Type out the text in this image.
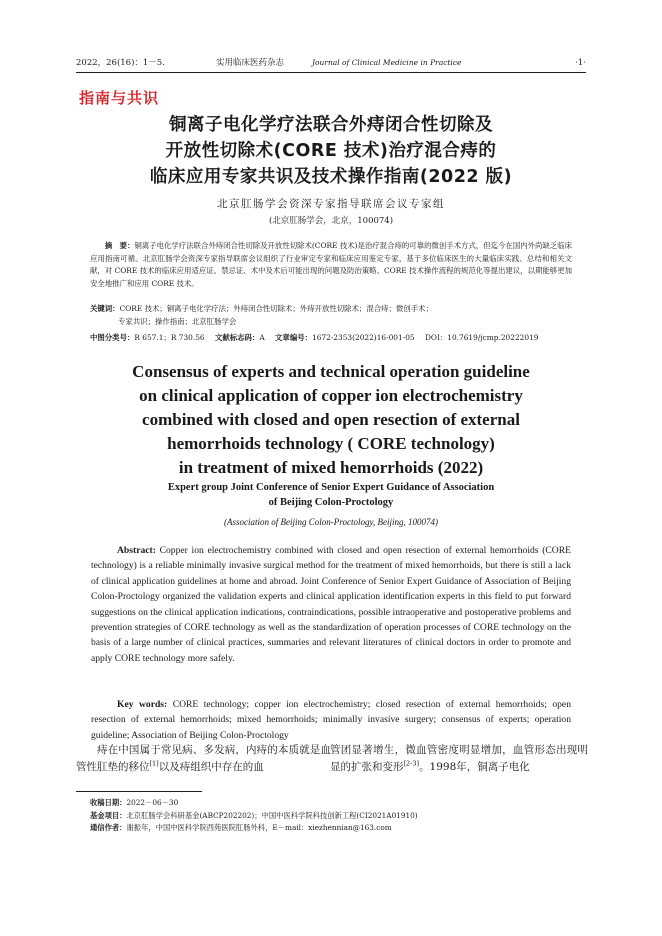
2022，26(16)：1－5.	实用临床医药杂志	Journal of Clinical Medicine in Practice	·1·
指南与共识
铜离子电化学疗法联合外痔闭合性切除及
开放性切除术(CORE 技术)治疗混合痔的
临床应用专家共识及技术操作指南(2022 版)
北京肛肠学会资深专家指导联席会议专家组
(北京肛肠学会，北京，100074)

摘　要：铜离子电化学疗法联合外痔闭合性切除及开放性切除术(CORE 技术)是治疗混合痔的可靠的微创手术方式，但迄今在国内外尚缺乏临床应用指南可循。北京肛肠学会资深专家指导联席会议组织了行业审定专家和临床应用鉴定专家，基于多位临床医生的大量临床实践、总结和相关文献，对 CORE 技术的临床应用适应证、禁忌证、术中及术后可能出现的问题及防治策略、CORE 技术操作流程的规范化等提出建议，以期能够更加安全地推广和应用 CORE 技术。

关键词：CORE 技术；铜离子电化学疗法；外痔闭合性切除术；外痔开放性切除术；混合痔；微创手术；
专家共识；操作指南；北京肛肠学会
中图分类号：R 657.1；R 730.56 文献标志码：A 文章编号：1672-2353(2022)16-001-05 DOI：10.7619/jcmp.20222019
Consensus of experts and technical operation guideline
on clinical application of copper ion electrochemistry
combined with closed and open resection of external
hemorrhoids technology ( CORE technology)
in treatment of mixed hemorrhoids (2022)
Expert group Joint Conference of Senior Expert Guidance of Association
of Beijing Colon-Proctology
(Association of Beijing Colon-Proctology, Beijing, 100074)

Abstract: Copper ion electrochemistry combined with closed and open resection of external hemorrhoids (CORE technology) is a reliable minimally invasive surgical method for the treatment of mixed hemorrhoids, but there is still a lack of clinical application guidelines at home and abroad. Joint Conference of Senior Expert Guidance of Association of Beijing Colon-Proctology organized the validation experts and clinical application identification experts in this field to put forward suggestions on the clinical application indications, contraindications, possible intraoperative and postoperative problems and prevention strategies of CORE technology as well as the standardization of operation processes of CORE technology on the basis of a large number of clinical practices, summaries and relevant literatures of clinical doctors in order to promote and apply CORE technology more safely.

Key words: CORE technology; copper ion electrochemistry; closed resection of external hemorrhoids; open resection of external hemorrhoids; mixed hemorrhoids; minimally invasive surgery; consensus of experts; operation guideline; Association of Beijing Colon-Proctology

痔在中国属于常见病、多发病，内痔的本质就是血管性肛垫的移位[1]以及痔组织中存在的血

管团显著增生，微血管密度明显增加，血管形态出现明显的扩张和变形[2-3]。1998年，铜离子电化

收稿日期：2022－06－30
基金项目：北京肛肠学会科研基金(ABCP202202)；中国中医科学院科技创新工程(CI2021A01910)
通信作者：谢振年，中国中医科学院西苑医院肛肠外科，E－mail：xiezhennian@163.com
